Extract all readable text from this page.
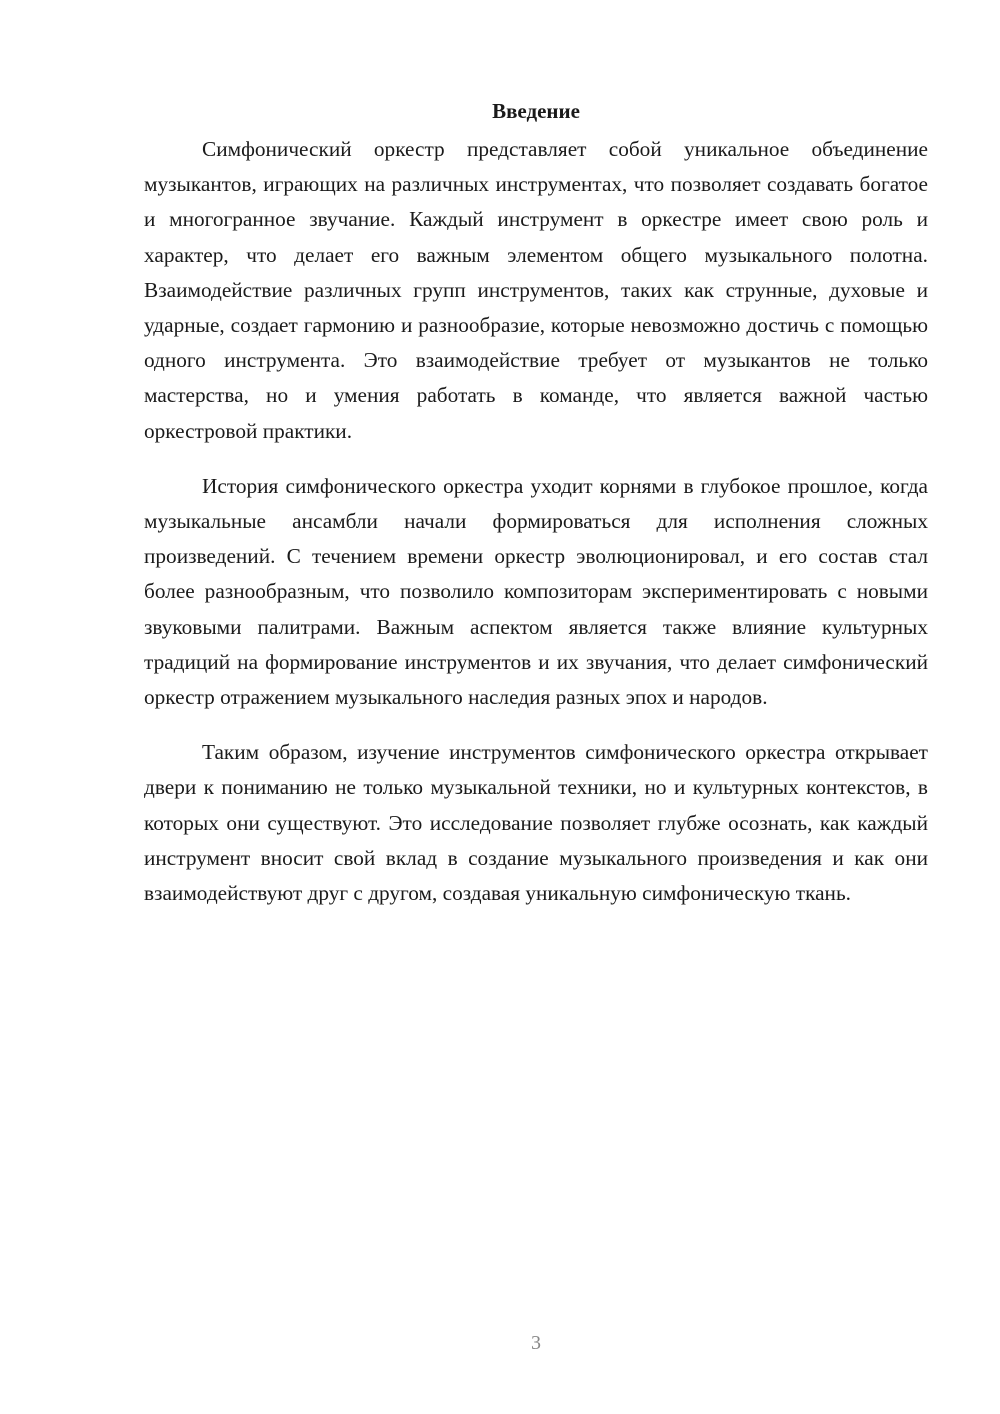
Введение

Симфонический оркестр представляет собой уникальное объединение музыкантов, играющих на различных инструментах, что позволяет создавать богатое и многогранное звучание. Каждый инструмент в оркестре имеет свою роль и характер, что делает его важным элементом общего музыкального полотна. Взаимодействие различных групп инструментов, таких как струнные, духовые и ударные, создает гармонию и разнообразие, которые невозможно достичь с помощью одного инструмента. Это взаимодействие требует от музыкантов не только мастерства, но и умения работать в команде, что является важной частью оркестровой практики.

История симфонического оркестра уходит корнями в глубокое прошлое, когда музыкальные ансамбли начали формироваться для исполнения сложных произведений. С течением времени оркестр эволюционировал, и его состав стал более разнообразным, что позволило композиторам экспериментировать с новыми звуковыми палитрами. Важным аспектом является также влияние культурных традиций на формирование инструментов и их звучания, что делает симфонический оркестр отражением музыкального наследия разных эпох и народов.

Таким образом, изучение инструментов симфонического оркестра открывает двери к пониманию не только музыкальной техники, но и культурных контекстов, в которых они существуют. Это исследование позволяет глубже осознать, как каждый инструмент вносит свой вклад в создание музыкального произведения и как они взаимодействуют друг с другом, создавая уникальную симфоническую ткань.

3
